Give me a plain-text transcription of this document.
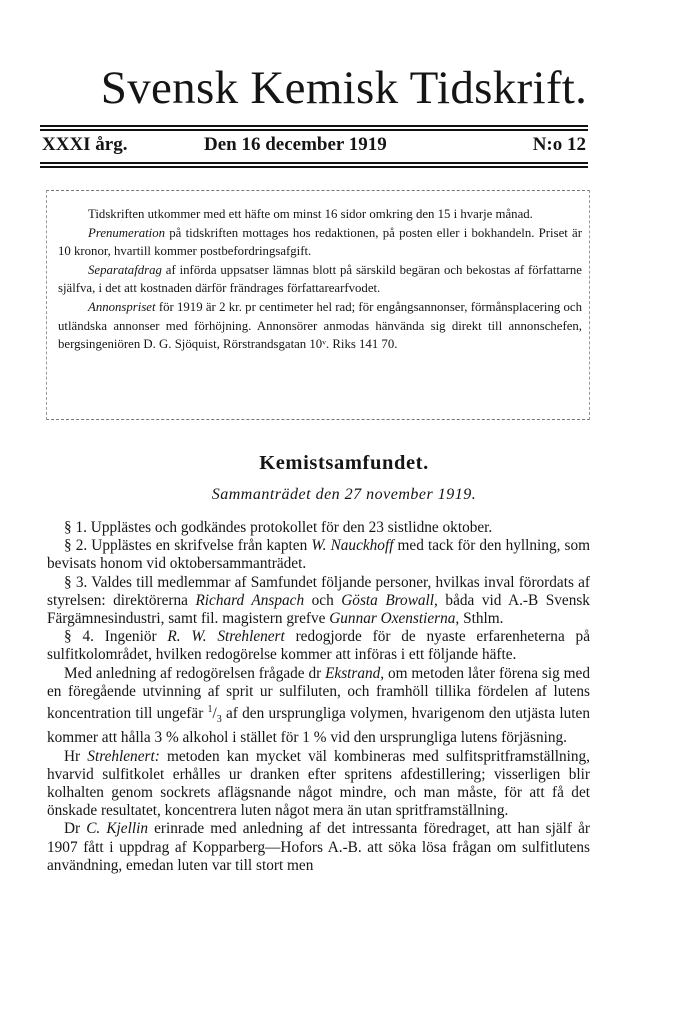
Svensk Kemisk Tidskrift.
XXXI årg.	Den 16 december 1919	N:o 12

Tidskriften utkommer med ett häfte om minst 16 sidor omkring den 15 i hvarje månad.

Prenumeration på tidskriften mottages hos redaktionen, på posten eller i bokhandeln. Priset är 10 kronor, hvartill kommer postbefordringsafgift.

Separatafdrag af införda uppsatser lämnas blott på särskild begäran och bekostas af författarne själfva, i det att kostnaden därför frändrages författarearfvodet.

Annonspriset för 1919 är 2 kr. pr centimeter hel rad; för engångsannonser, förmånsplacering och utländska annonser med förhöjning. Annonsörer anmodas hänvända sig direkt till annonschefen, bergsingeniören D. G. Sjöquist, Rörstrandsgatan 10ᵛ. Riks 141 70.

Kemistsamfundet.
Sammanträdet den 27 november 1919.

§ 1. Upplästes och godkändes protokollet för den 23 sistlidne oktober.

§ 2. Upplästes en skrifvelse från kapten W. Nauckhoff med tack för den hyllning, som bevisats honom vid oktobersammanträdet.

§ 3. Valdes till medlemmar af Samfundet följande personer, hvilkas inval förordats af styrelsen: direktörerna Richard Anspach och Gösta Browall, båda vid A.-B Svensk Färgämnesindustri, samt fil. magistern grefve Gunnar Oxenstierna, Sthlm.

§ 4. Ingeniör R. W. Strehlenert redogjorde för de nyaste erfarenheterna på sulfitkolområdet, hvilken redogörelse kommer att införas i ett följande häfte.

Med anledning af redogörelsen frågade dr Ekstrand, om metoden låter förena sig med en föregående utvinning af sprit ur sulfiluten, och framhöll tillika fördelen af lutens koncentration till ungefär $^1/_3$ af den ursprungliga volymen, hvarigenom den utjästa luten kommer att hålla 3 % alkohol i stället för 1 % vid den ursprungliga lutens förjäsning.

Hr Strehlenert: metoden kan mycket väl kombineras med sulfitspritframställning, hvarvid sulfitkolet erhålles ur dranken efter spritens afdestillering; visserligen blir kolhalten genom sockrets aflägsnande något mindre, och man måste, för att få det önskade resultatet, koncentrera luten något mera än utan spritframställning.

Dr C. Kjellin erinrade med anledning af det intressanta föredraget, att han själf år 1907 fått i uppdrag af Kopparberg—Hofors A.-B. att söka lösa frågan om sulfitlutens användning, emedan luten var till stort men
